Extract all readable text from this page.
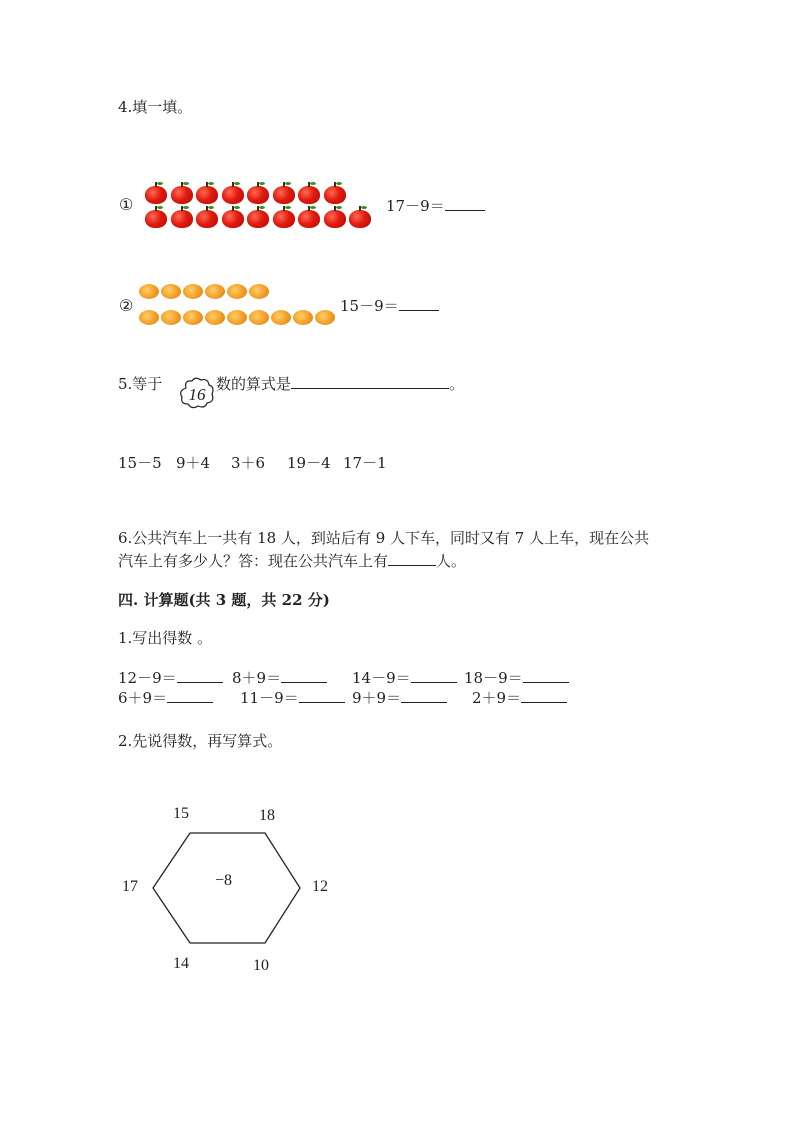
4.填一填。
①	17－9＝
②	15－9＝
5.等于
16
数的算式是	。
15－5 9＋4 3＋6 19－4 17－1
6.公共汽车上一共有 18 人，到站后有 9 人下车，同时又有 7 人上车，现在公共
汽车上有多少人？答：现在公共汽车上有	人。
四. 计算题(共 3 题，共 22 分)
1.写出得数 。
12－9＝	8＋9＝	14－9＝	18－9＝
6＋9＝	11－9＝	9＋9＝	2＋9＝
2.先说得数，再写算式。
−8
15	18
17	12
14	10
